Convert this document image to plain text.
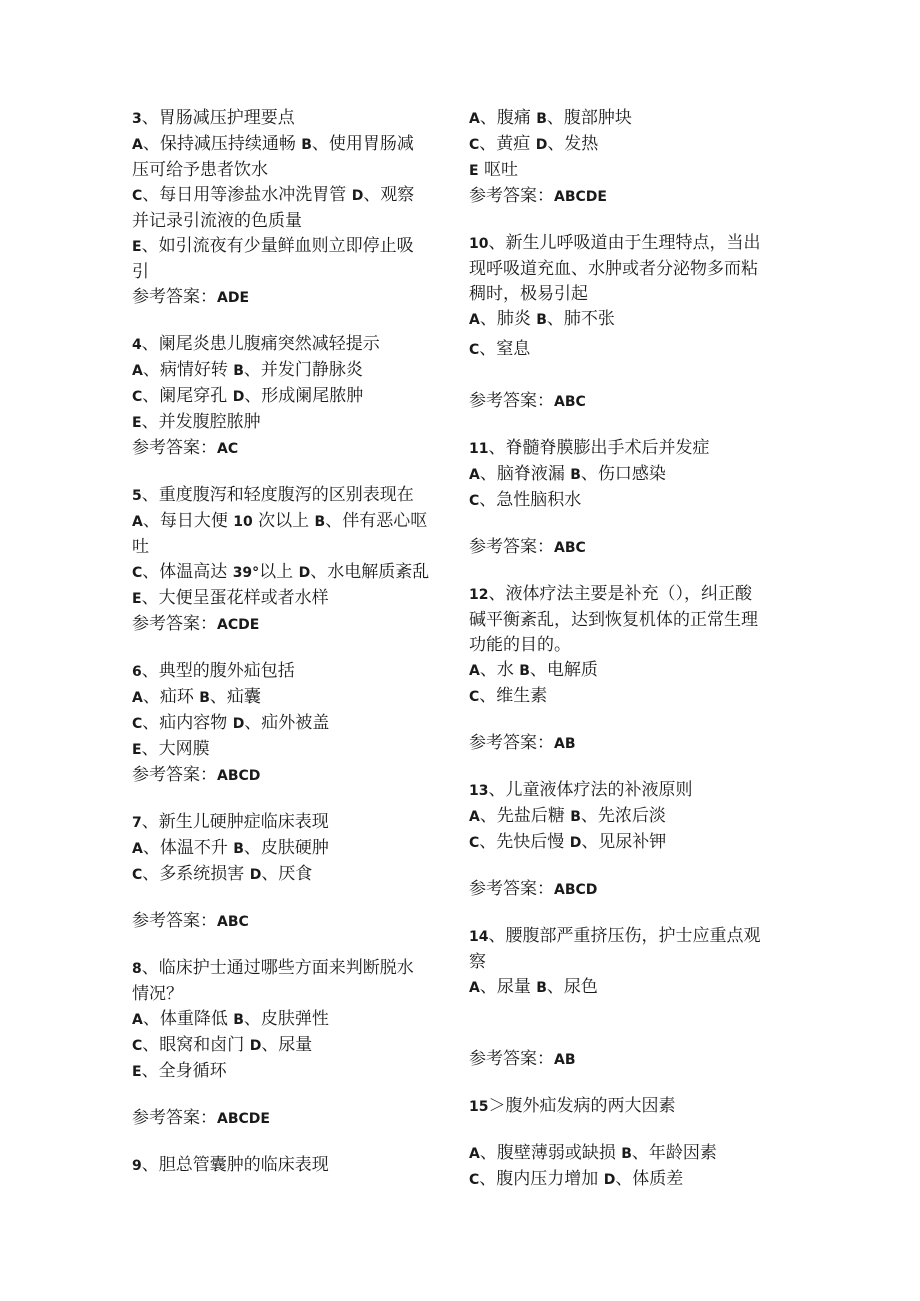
3、胃肠减压护理要点
A、保持减压持续通畅 B、使用胃肠减
压可给予患者饮水
C、每日用等渗盐水冲洗胃管 D、观察
并记录引流液的色质量
E、如引流夜有少量鲜血则立即停止吸
引
参考答案：ADE
4、阑尾炎患儿腹痛突然减轻提示
A、病情好转 B、并发门静脉炎
C、阑尾穿孔 D、形成阑尾脓肿
E、并发腹腔脓肿
参考答案：AC
5、重度腹泻和轻度腹泻的区别表现在
A、每日大便 10 次以上 B、伴有恶心呕
吐
C、体温高达 39°以上 D、水电解质紊乱
E、大便呈蛋花样或者水样
参考答案：ACDE
6、典型的腹外疝包括
A、疝环 B、疝囊
C、疝内容物 D、疝外被盖
E、大网膜
参考答案：ABCD
7、新生儿硬肿症临床表现
A、体温不升 B、皮肤硬肿
C、多系统损害 D、厌食
参考答案：ABC
8、临床护士通过哪些方面来判断脱水
情况？
A、体重降低 B、皮肤弹性
C、眼窝和卤门 D、尿量
E、全身循环
参考答案：ABCDE
9、胆总管囊肿的临床表现
A、腹痛 B、腹部肿块
C、黄疸 D、发热
E 呕吐
参考答案：ABCDE
10、新生儿呼吸道由于生理特点，当出
现呼吸道充血、水肿或者分泌物多而粘
稠时，极易引起
A、肺炎 B、肺不张
C、窒息
参考答案：ABC
11、脊髓脊膜膨出手术后并发症
A、脑脊液漏 B、伤口感染
C、急性脑积水
参考答案：ABC
12、液体疗法主要是补充（），纠正酸
碱平衡紊乱，达到恢复机体的正常生理
功能的目的。
A、水 B、电解质
C、维生素
参考答案：AB
13、儿童液体疗法的补液原则
A、先盐后糖 B、先浓后淡
C、先快后慢 D、见尿补钾
参考答案：ABCD
14、腰腹部严重挤压伤，护士应重点观
察
A、尿量 B、尿色
参考答案：AB
15＞腹外疝发病的两大因素
A、腹壁薄弱或缺损 B、年龄因素
C、腹内压力增加 D、体质差
